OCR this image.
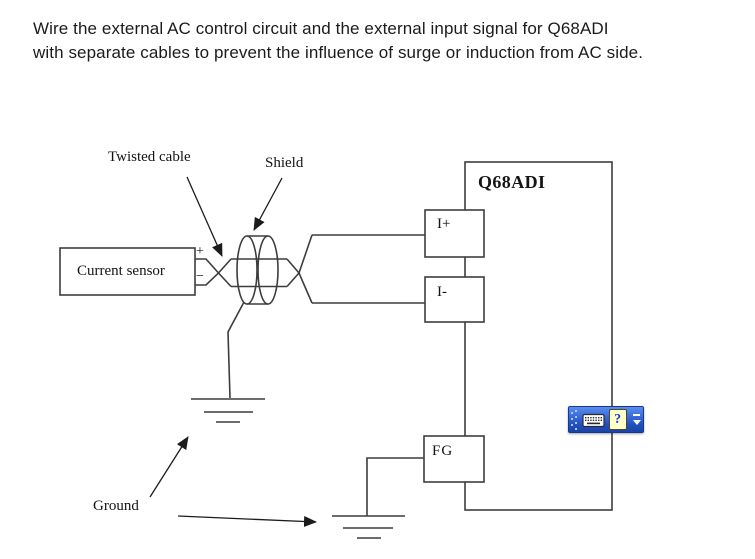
Wire the external AC control circuit and the external input signal for Q68ADI
with separate cables to prevent the influence of surge or induction from AC side.
Twisted cable	Shield
Q68ADI
Current sensor
+
−
I+
I-
FG
Ground
?
